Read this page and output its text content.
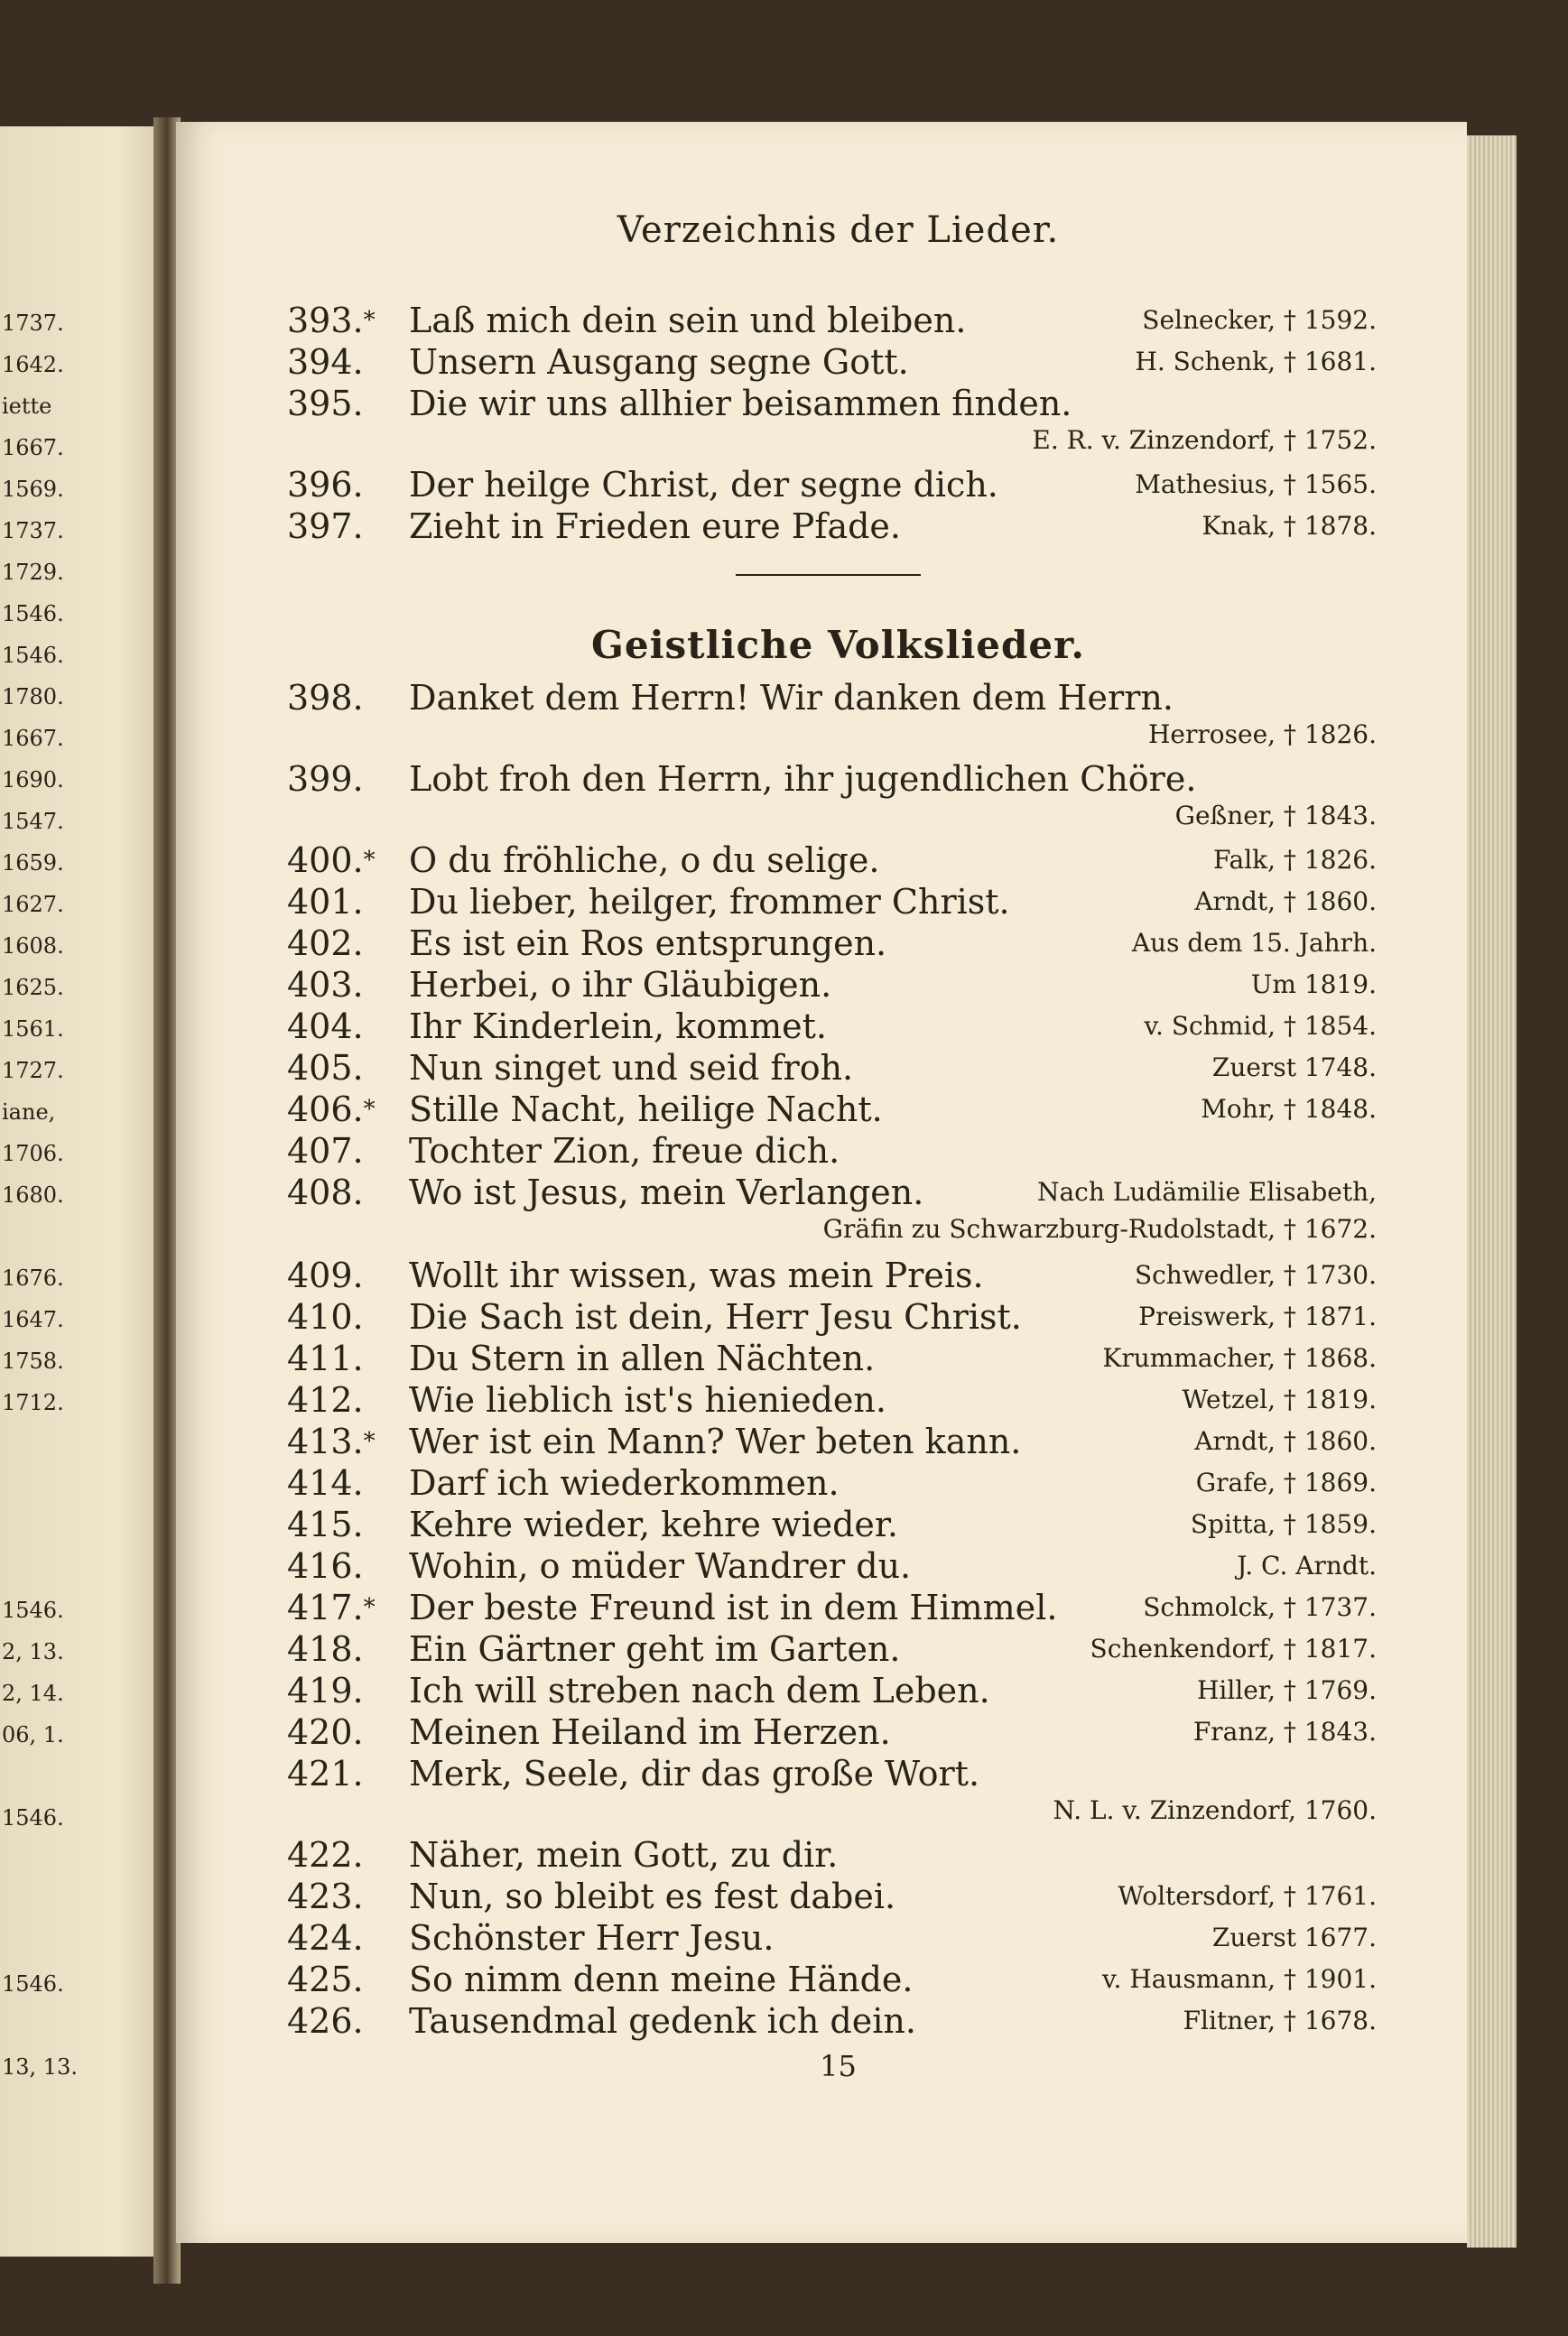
1737.
1642.
iette
1667.
1569.
1737.
1729.
1546.
1546.
1780.
1667.
1690.
1547.
1659.
1627.
1608.
1625.
1561.
1727.
iane,
1706.
1680.
1676.
1647.
1758.
1712.
1546.
2, 13.
2, 14.
06, 1.
1546.
1546.
13, 13.
Verzeichnis der Lieder.
393.* Laß mich dein sein und bleiben.	Selnecker, † 1592.
394. Unsern Ausgang segne Gott.	H. Schenk, † 1681.
395. Die wir uns allhier beisammen finden.
E. R. v. Zinzendorf, † 1752.
396. Der heilge Christ, der segne dich.	Mathesius, † 1565.
397. Zieht in Frieden eure Pfade.	Knak, † 1878.
Geistliche Volkslieder.
398. Danket dem Herrn! Wir danken dem Herrn.
Herrosee, † 1826.
399. Lobt froh den Herrn, ihr jugendlichen Chöre.
Geßner, † 1843.
400.* O du fröhliche, o du selige.	Falk, † 1826.
401. Du lieber, heilger, frommer Christ.	Arndt, † 1860.
402. Es ist ein Ros entsprungen.	Aus dem 15. Jahrh.
403. Herbei, o ihr Gläubigen.	Um 1819.
404. Ihr Kinderlein, kommet.	v. Schmid, † 1854.
405. Nun singet und seid froh.	Zuerst 1748.
406.* Stille Nacht, heilige Nacht.	Mohr, † 1848.
407. Tochter Zion, freue dich.
408. Wo ist Jesus, mein Verlangen.	Nach Ludämilie Elisabeth,
Gräfin zu Schwarzburg-Rudolstadt, † 1672.
409. Wollt ihr wissen, was mein Preis.	Schwedler, † 1730.
410. Die Sach ist dein, Herr Jesu Christ.	Preiswerk, † 1871.
411. Du Stern in allen Nächten.	Krummacher, † 1868.
412. Wie lieblich ist's hienieden.	Wetzel, † 1819.
413.* Wer ist ein Mann? Wer beten kann.	Arndt, † 1860.
414. Darf ich wiederkommen.	Grafe, † 1869.
415. Kehre wieder, kehre wieder.	Spitta, † 1859.
416. Wohin, o müder Wandrer du.	J. C. Arndt.
417.* Der beste Freund ist in dem Himmel.	Schmolck, † 1737.
418. Ein Gärtner geht im Garten.	Schenkendorf, † 1817.
419. Ich will streben nach dem Leben.	Hiller, † 1769.
420. Meinen Heiland im Herzen.	Franz, † 1843.
421. Merk, Seele, dir das große Wort.
N. L. v. Zinzendorf, 1760.
422. Näher, mein Gott, zu dir.
423. Nun, so bleibt es fest dabei.	Woltersdorf, † 1761.
424. Schönster Herr Jesu.	Zuerst 1677.
425. So nimm denn meine Hände.	v. Hausmann, † 1901.
426. Tausendmal gedenk ich dein.	Flitner, † 1678.
15
